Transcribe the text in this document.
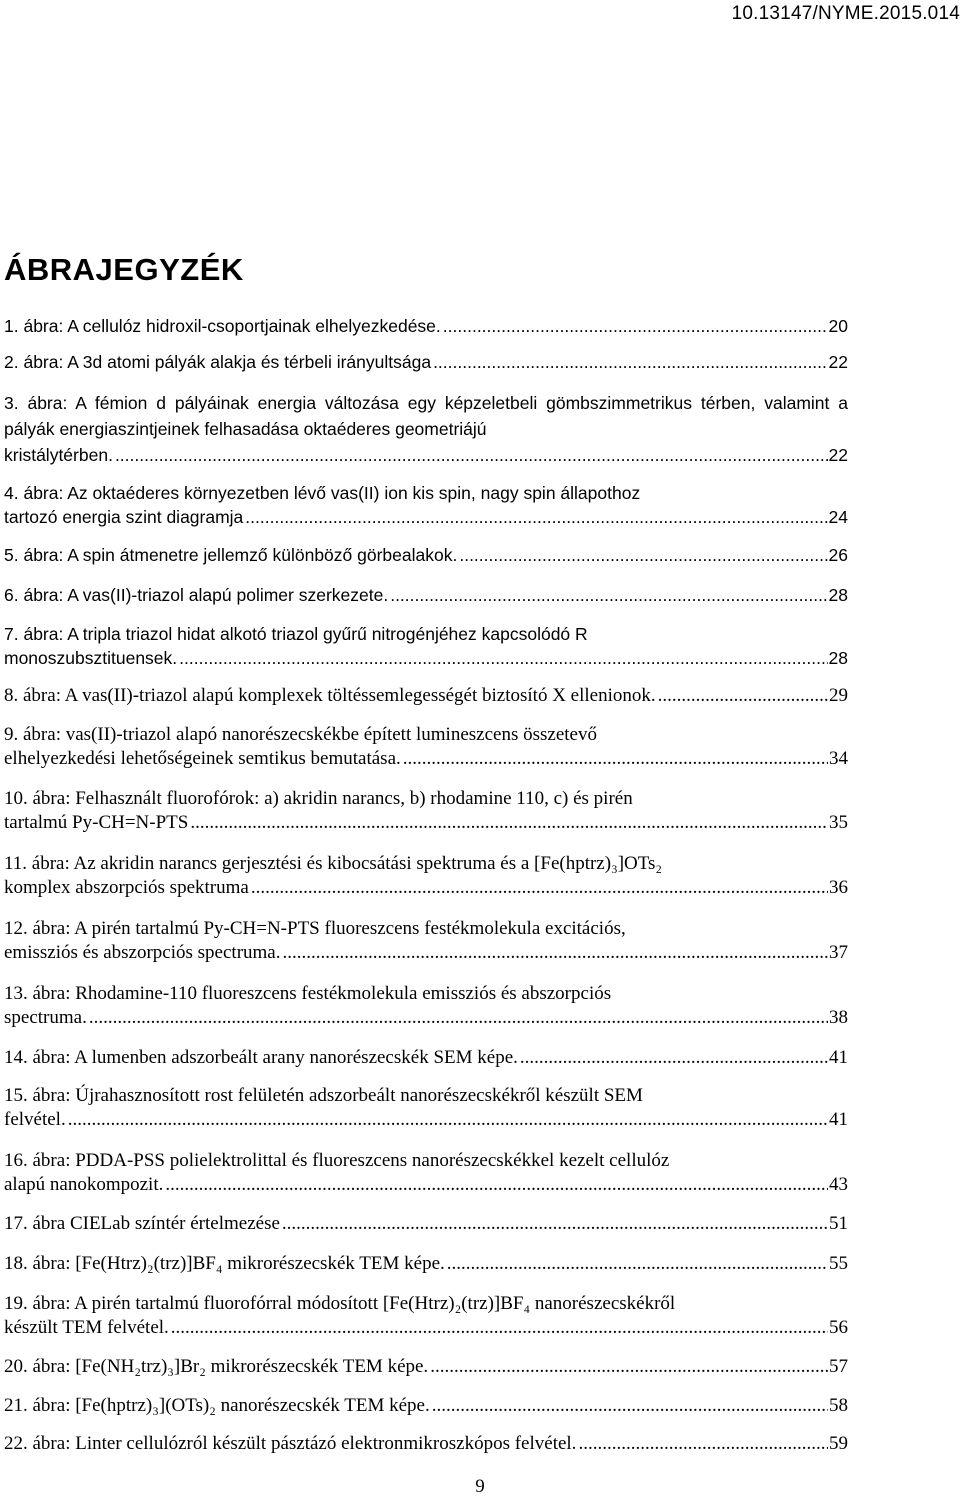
10.13147/NYME.2015.014
ÁBRAJEGYZÉK
1. ábra: A cellulóz hidroxil-csoportjainak elhelyezkedése. .....	20
2. ábra: A 3d atomi pályák alakja és térbeli irányultsága .....	22
3. ábra: A fémion d pályáinak energia változása egy képzeletbeli gömbszimmetrikus térben, valamint a pályák energiaszintjeinek felhasadása oktaéderes geometriájú
kristálytérben. .....	22
4. ábra: Az oktaéderes környezetben lévő vas(II) ion kis spin, nagy spin állapothoz
tartozó energia szint diagramja .....	24
5. ábra: A spin átmenetre jellemző különböző görbealakok. .....	26
6. ábra: A vas(II)-triazol alapú polimer szerkezete. .....	28
7. ábra: A tripla triazol hidat alkotó triazol gyűrű nitrogénjéhez kapcsolódó R
monoszubsztituensek. .....	28
8. ábra: A vas(II)-triazol alapú komplexek töltéssemlegességét biztosító X ellenionok. .....	29
9. ábra: vas(II)-triazol alapó nanorészecskékbe épített lumineszcens összetevő
elhelyezkedési lehetőségeinek semtikus bemutatása. .....	34
10. ábra: Felhasznált fluorofórok: a) akridin narancs, b) rhodamine 110, c) és pirén
tartalmú Py-CH=N-PTS .....	35
11. ábra: Az akridin narancs gerjesztési és kibocsátási spektruma és a [Fe(hptrz)₃]OTs₂
komplex abszorpciós spektruma .....	36
12. ábra: A pirén tartalmú Py-CH=N-PTS fluoreszcens festékmolekula excitációs,
emissziós és abszorpciós spectruma. .....	37
13. ábra: Rhodamine-110 fluoreszcens festékmolekula emissziós és abszorpciós
spectruma. .....	38
14. ábra: A lumenben adszorbeált arany nanorészecskék SEM képe. .....	41
15. ábra: Újrahasznosított rost felületén adszorbeált nanorészecskékről készült SEM
felvétel. .....	41
16. ábra: PDDA-PSS polielektrolittal és fluoreszcens nanorészecskékkel kezelt cellulóz
alapú nanokompozit. .....	43
17. ábra CIELab színtér értelmezése .....	51
18. ábra: [Fe(Htrz)₂(trz)]BF₄ mikrorészecskék TEM képe. .....	55
19. ábra: A pirén tartalmú fluorofórral módosított [Fe(Htrz)₂(trz)]BF₄ nanorészecskékről
készült TEM felvétel. .....	56
20. ábra: [Fe(NH₂trz)₃]Br₂ mikrorészecskék TEM képe. .....	57
21. ábra: [Fe(hptrz)₃](OTs)₂ nanorészecskék TEM képe. .....	58
22. ábra: Linter cellulózról készült pásztázó elektronmikroszkópos felvétel. .....	59
9
